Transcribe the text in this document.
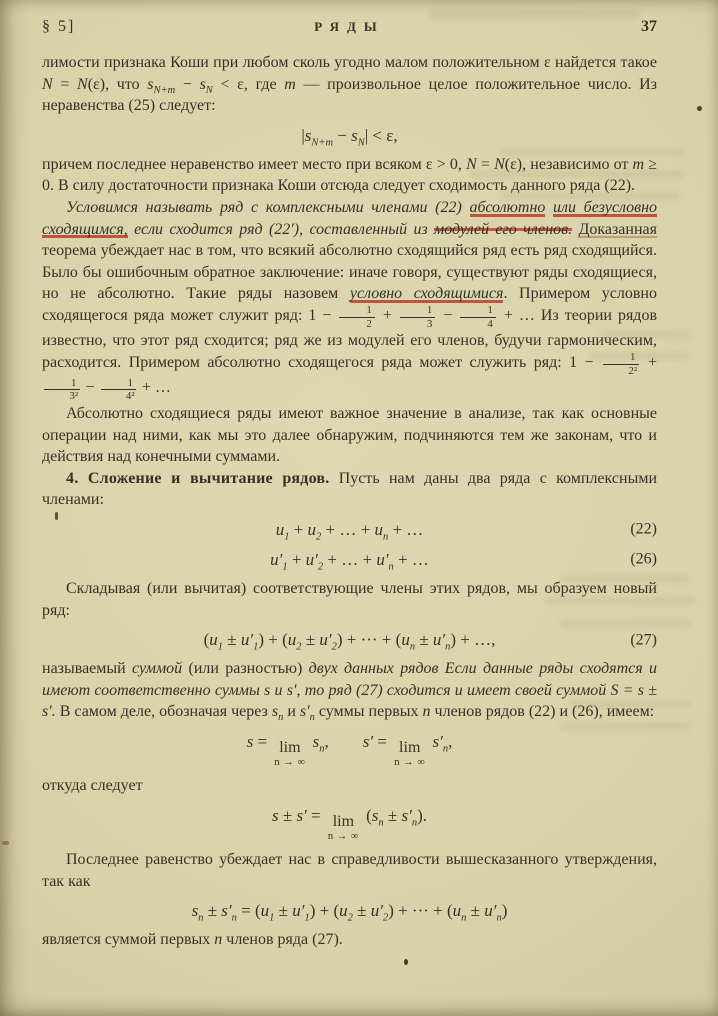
§ 5]	РЯДЫ	37

лимости признака Коши при любом сколь угодно малом положительном ε найдется такое N = N(ε), что $s_{N+m} - s_N < \varepsilon$, где m — произвольное целое положительное число. Из неравенства (25) следует:

$|s_{N+m} - s_N| < \varepsilon$,

причем последнее неравенство имеет место при всяком ε > 0, N = N(ε), независимо от m ≥ 0. В силу достаточности признака Коши отсюда следует сходимость данного ряда (22).

Условимся называть ряд с комплексными членами (22) абсолютно или безусловно сходящимся, если сходится ряд (22′), составленный из модулей его членов. Доказанная теорема убеждает нас в том, что всякий абсолютно сходящийся ряд есть ряд сходящийся. Было бы ошибочным обратное заключение: иначе говоря, существуют ряды сходящиеся, но не абсолютно. Такие ряды назовем условно сходящимися. Примером условно сходящегося ряда может служит ряд: $1 - \frac{1}{2} + \frac{1}{3} - \frac{1}{4}$ + … Из теории рядов известно, что этот ряд сходится; ряд же из модулей его членов, будучи гармоническим, расходится. Примером абсолютно сходящегося ряда может служить ряд: $1 - \frac{1}{\text{2²}}$ +
$\frac{1}{\text{3²}} - \frac{1}{\text{4²}}$ + …

Абсолютно сходящиеся ряды имеют важное значение в анализе, так как основные операции над ними, как мы это далее обнаружим, подчиняются тем же законам, что и действия над конечными суммами.

4. Сложение и вычитание рядов. Пусть нам даны два ряда с комплексными членами:

$u_1 + u_2$ + … + $u_n$ + …	(22)
$u'_1 + u'_2$ + … + $u'_n$ + …	(26)

Складывая (или вычитая) соответствующие члены этих рядов, мы образуем новый ряд:

$(u_1 \pm u'_1) + (u_2 \pm u'_2)$ + ··· + $(u_n \pm u'_n)$ + …,	(27)

называемый суммой (или разностью) двух данных рядов Если данные ряды сходятся и имеют соответственно суммы s и s′, то ряд (27) сходится и имеет своей суммой S = s ± s′. В самом деле, обозначая через $s_n$ и $s'_n$ суммы первых n членов рядов (22) и (26), имеем:

s = lim
n → ∞
$s_n$, s′ = lim
n → ∞
$s'_n$,

откуда следует

s ± s′ = lim
n → ∞
$(s_n \pm s'_n)$.

Последнее равенство убеждает нас в справедливости вышесказанного утверждения, так как

$s_n \pm s'_n = (u_1 \pm u'_1) + (u_2 \pm u'_2)$ + ··· + $(u_n \pm u'_n)$

является суммой первых n членов ряда (27).
